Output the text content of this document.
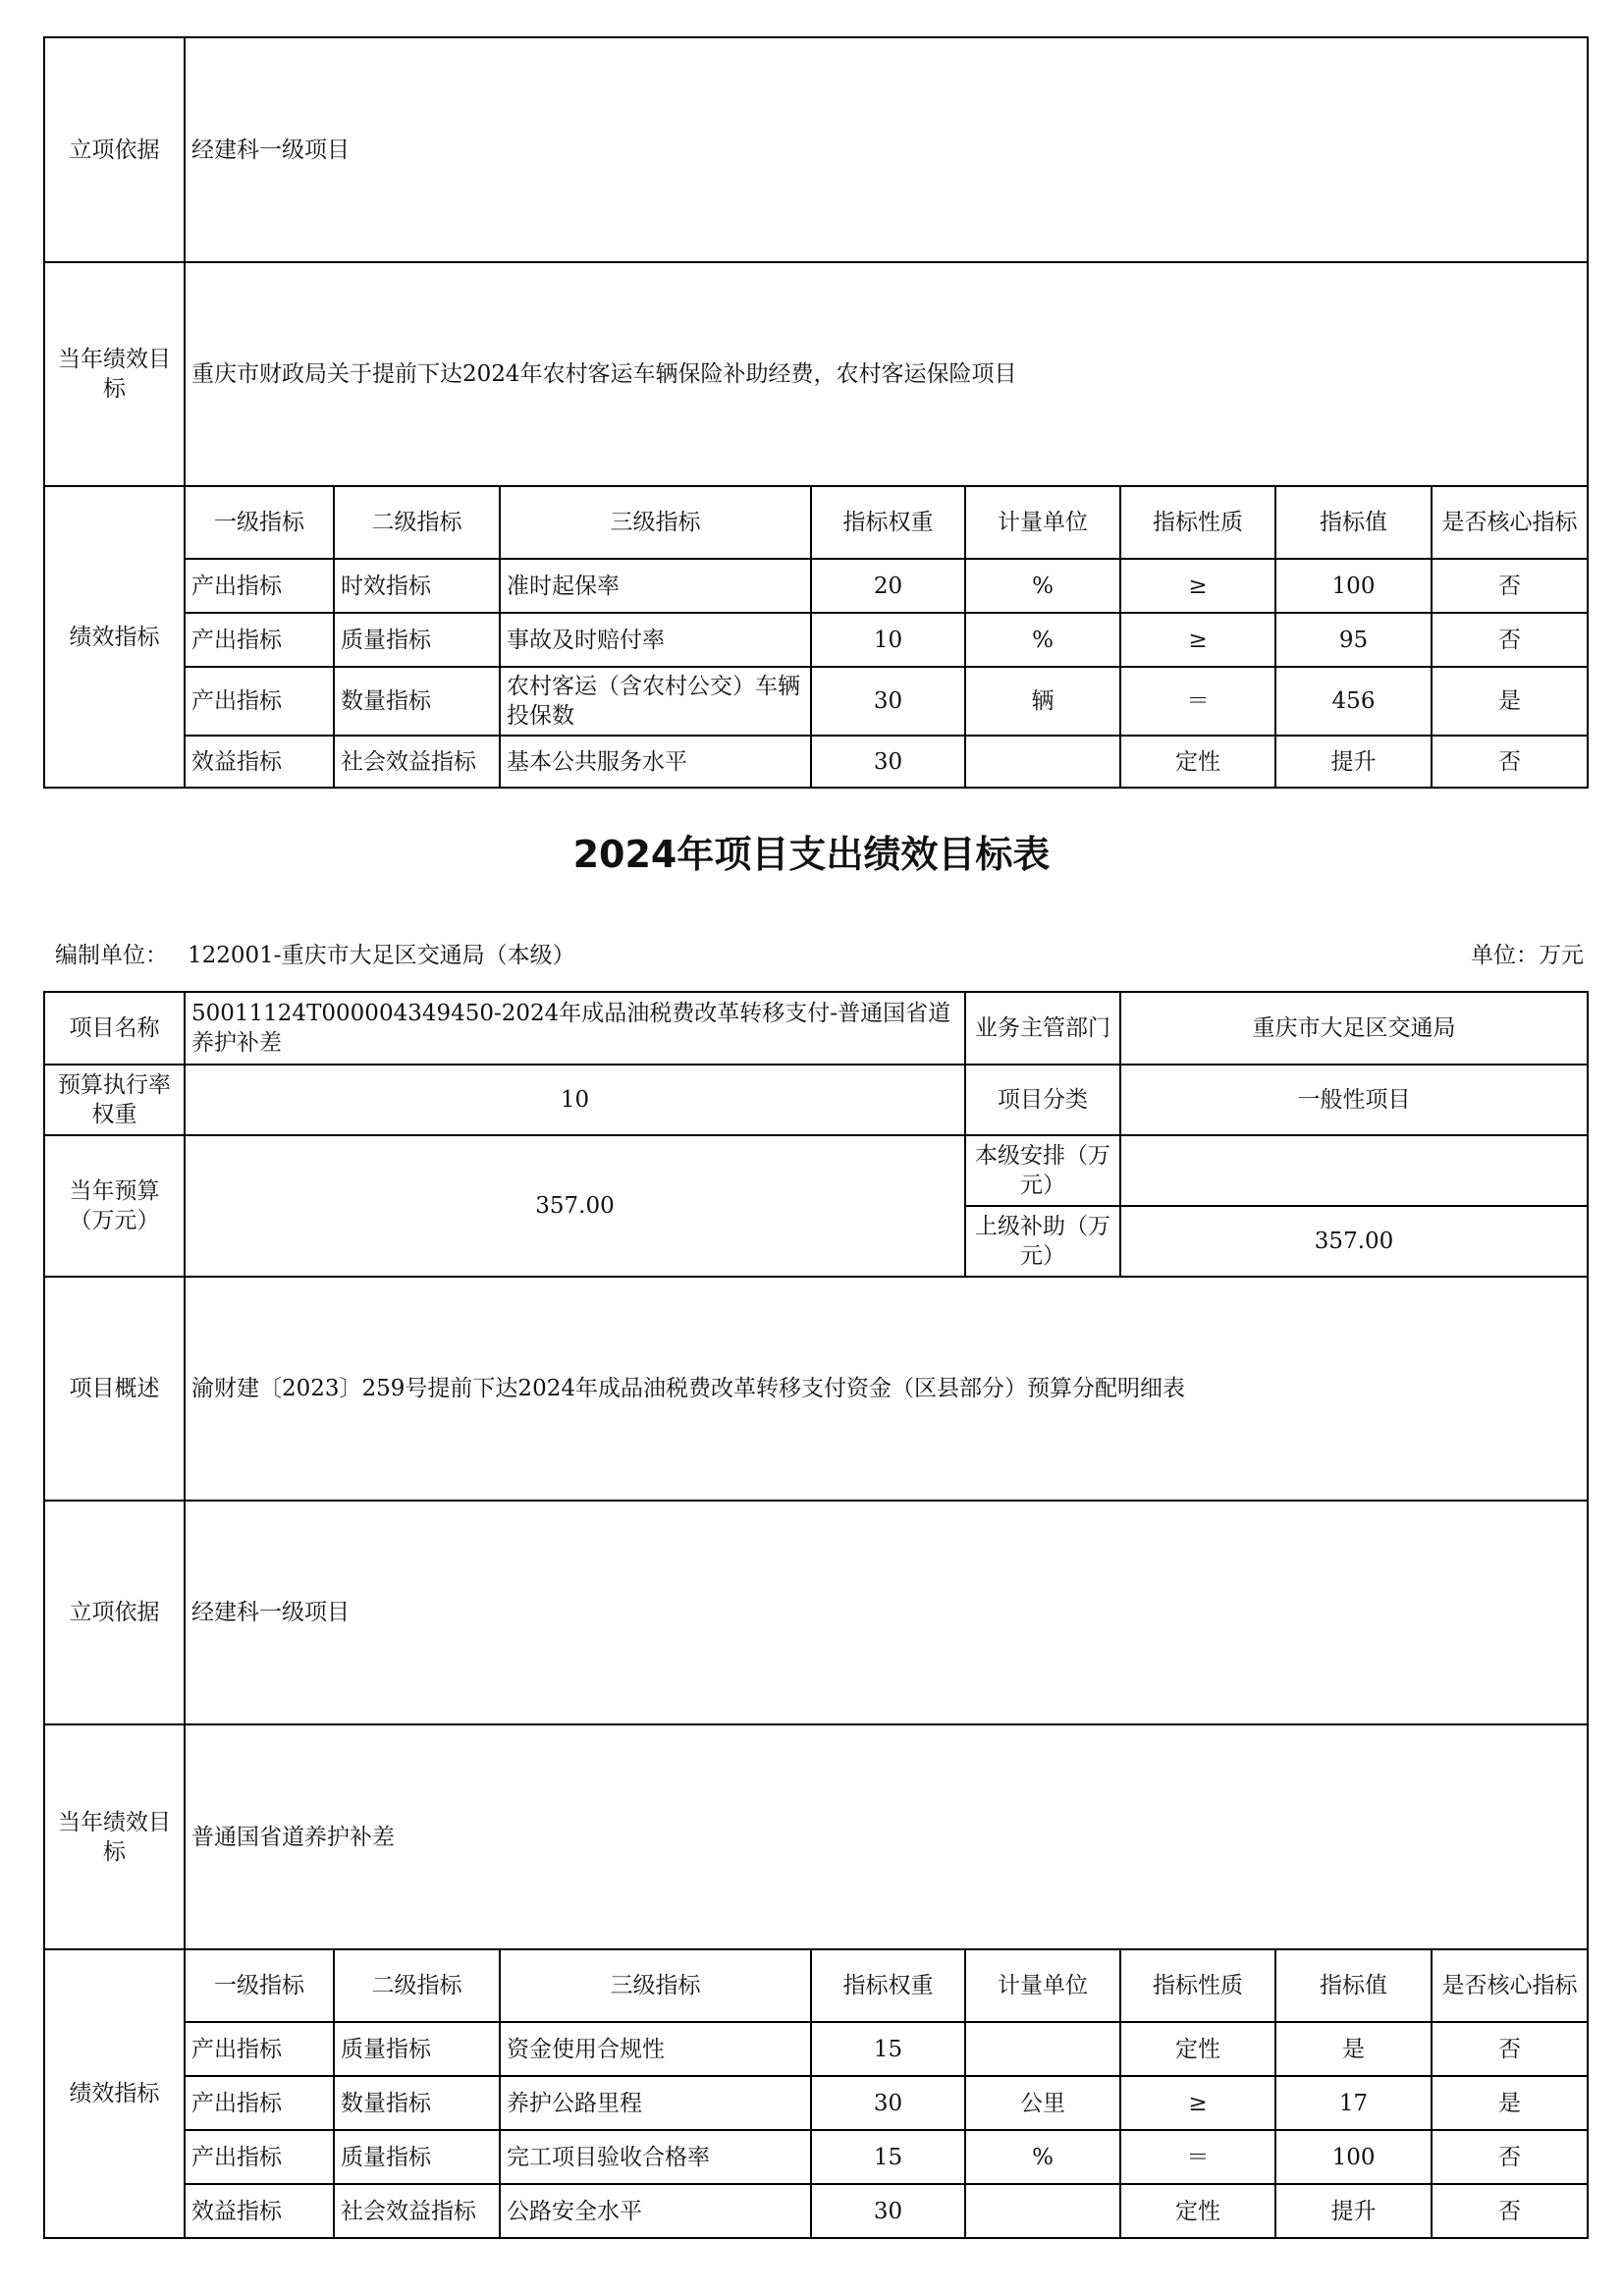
立项依据	经建科一级项目							
当年绩效目标	重庆市财政局关于提前下达2024年农村客运车辆保险补助经费，农村客运保险项目							
绩效指标	一级指标	二级指标	三级指标	指标权重	计量单位	指标性质	指标值	是否核心指标
	产出指标	时效指标	准时起保率	20	%	≥	100	否
	产出指标	质量指标	事故及时赔付率	10	%	≥	95	否
	产出指标	数量指标	农村客运（含农村公交）车辆投保数	30	辆	＝	456	是
	效益指标	社会效益指标	基本公共服务水平	30		定性	提升	否
2024年项目支出绩效目标表
编制单位： 122001-重庆市大足区交通局（本级）	单位：万元
项目名称	50011124T000004349450-2024年成品油税费改革转移支付-普通国省道养护补差				业务主管部门	重庆市大足区交通局		
预算执行率权重	10				项目分类	一般性项目		
当年预算（万元）	357.00				本级安排（万元）			
					上级补助（万元）	357.00		
项目概述	渝财建〔2023〕259号提前下达2024年成品油税费改革转移支付资金（区县部分）预算分配明细表							
立项依据	经建科一级项目							
当年绩效目标	普通国省道养护补差							
绩效指标	一级指标	二级指标	三级指标	指标权重	计量单位	指标性质	指标值	是否核心指标
	产出指标	质量指标	资金使用合规性	15		定性	是	否
	产出指标	数量指标	养护公路里程	30	公里	≥	17	是
	产出指标	质量指标	完工项目验收合格率	15	%	＝	100	否
	效益指标	社会效益指标	公路安全水平	30		定性	提升	否
